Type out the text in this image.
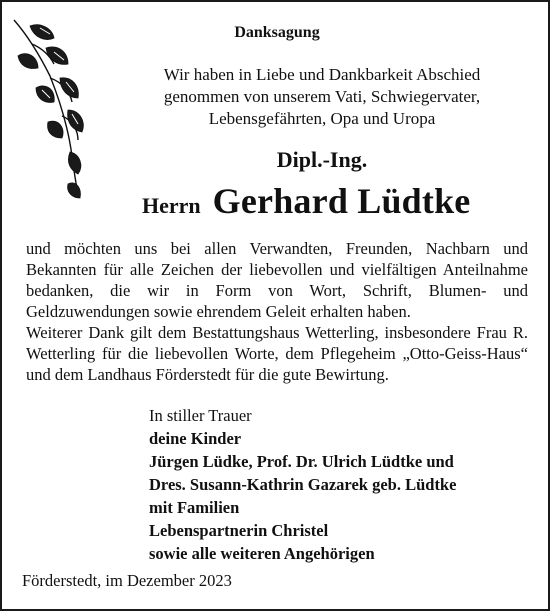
Danksagung
Wir haben in Liebe und Dankbarkeit Abschied
genommen von unserem Vati, Schwiegervater,
Lebensgefährten, Opa und Uropa
Dipl.-Ing.
Herrn Gerhard Lüdtke

und möchten uns bei allen Verwandten, Freunden, Nachbarn und Bekannten für alle Zeichen der liebevollen und vielfältigen Anteilnahme bedanken, die wir in Form von Wort, Schrift, Blumen- und Geldzuwendungen sowie ehrendem Geleit erhalten haben.

Weiterer Dank gilt dem Bestattungshaus Wetterling, insbesondere Frau R. Wetterling für die liebevollen Worte, dem Pflegeheim „Otto-Geiss-Haus“ und dem Landhaus Förderstedt für die gute Bewirtung.

In stiller Trauer
deine Kinder
Jürgen Lüdke, Prof. Dr. Ulrich Lüdtke und
Dres. Susann-Kathrin Gazarek geb. Lüdtke
mit Familien
Lebenspartnerin Christel
sowie alle weiteren Angehörigen
Förderstedt, im Dezember 2023
